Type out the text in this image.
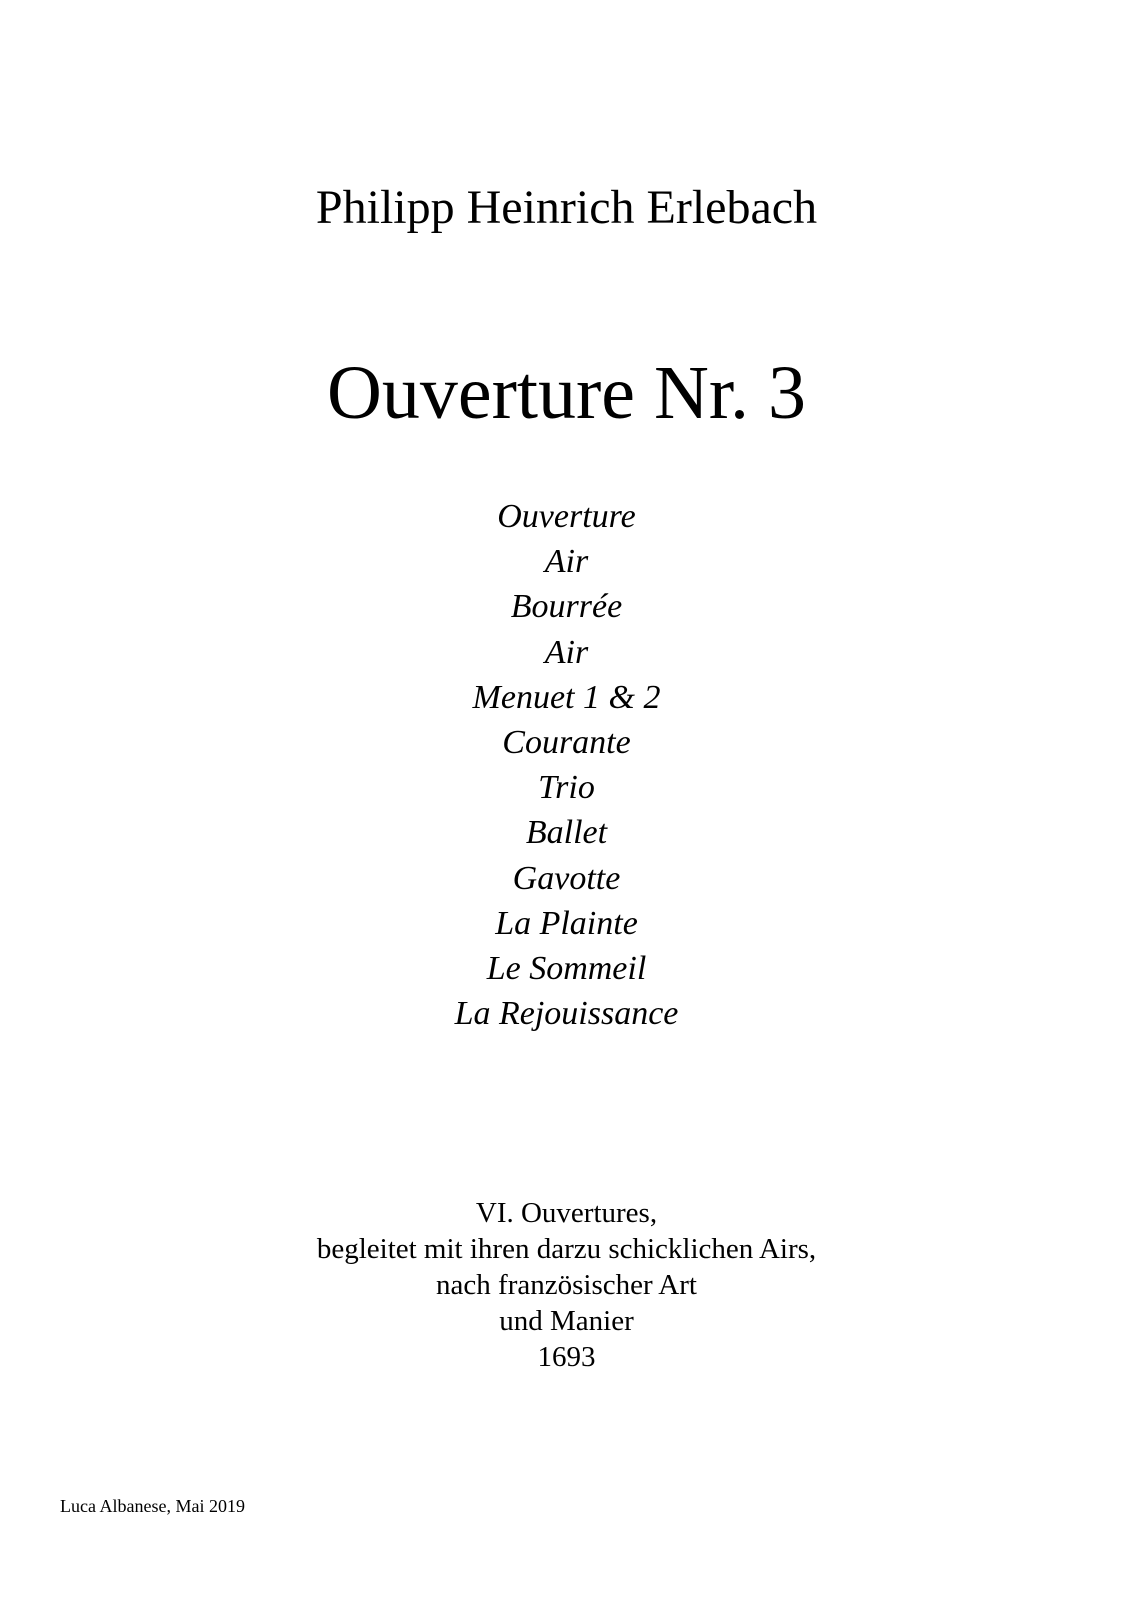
Philipp Heinrich Erlebach
Ouverture Nr. 3
Ouverture
Air
Bourrée
Air
Menuet 1 & 2
Courante
Trio
Ballet
Gavotte
La Plainte
Le Sommeil
La Rejouissance
VI. Ouvertures,
begleitet mit ihren darzu schicklichen Airs,
nach französischer Art
und Manier
1693
Luca Albanese, Mai 2019
